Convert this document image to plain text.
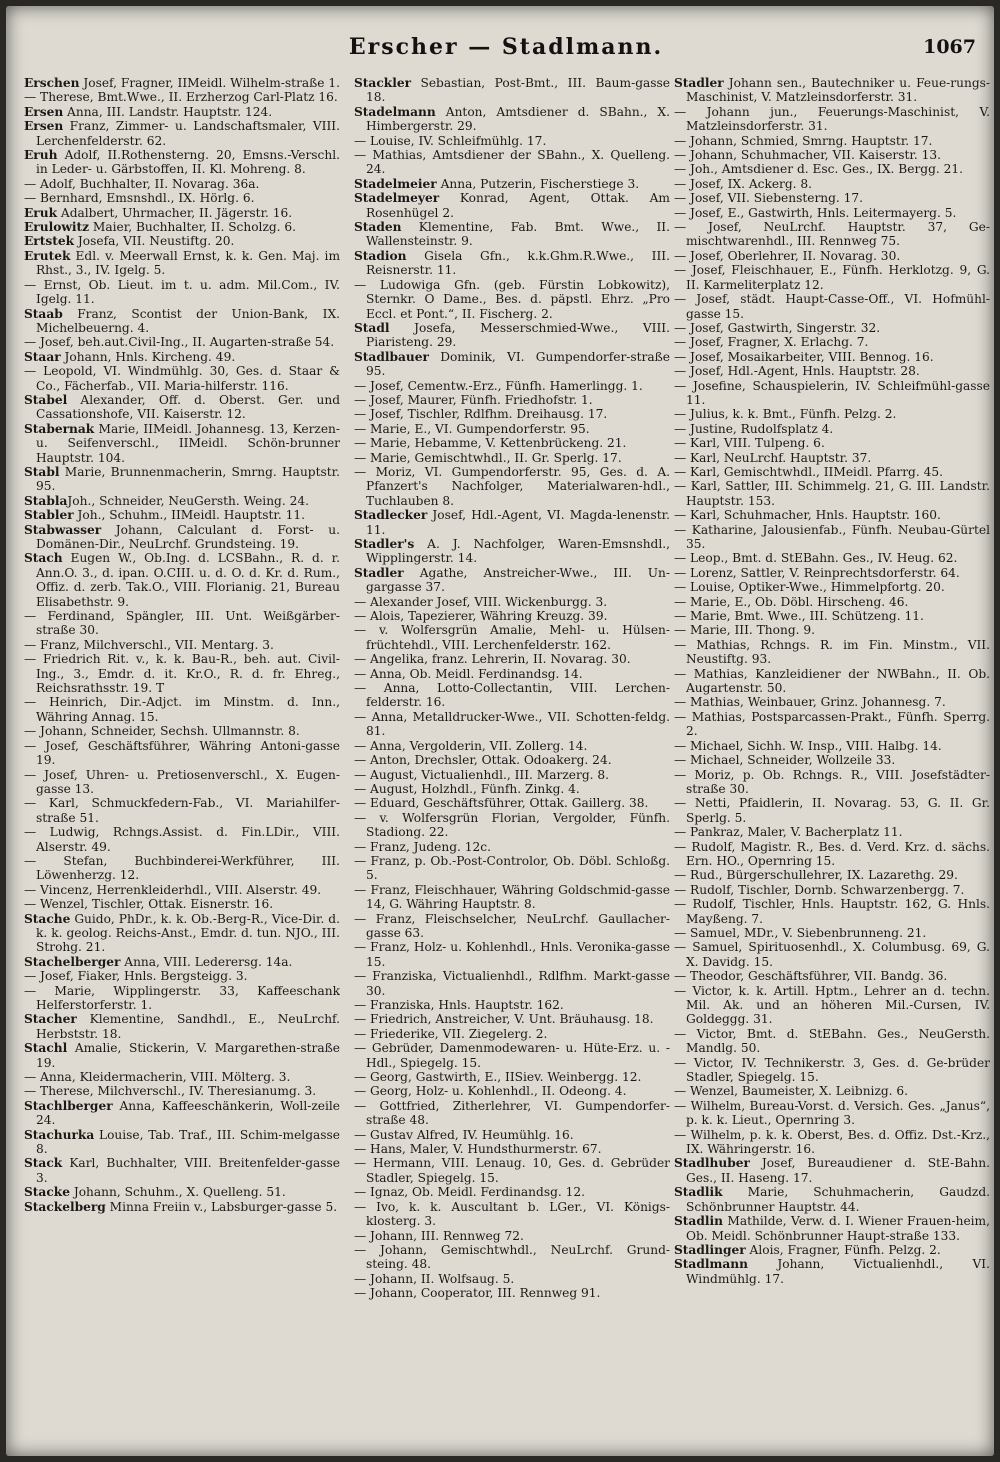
Erscher — Stadlmann.	1067

Erschen Josef, Fragner, IIMeidl. Wilhelm-straße 1.

— Therese, Bmt.Wwe., II. Erzherzog Carl-Platz 16.

Ersen Anna, III. Landstr. Hauptstr. 124.

Ersen Franz, Zimmer- u. Landschaftsmaler, VIII. Lerchenfelderstr. 62.

Eruh Adolf, II.Rothensterng. 20, Emsns.-Verschl. in Leder- u. Gärbstoffen, II. Kl. Mohreng. 8.

— Adolf, Buchhalter, II. Novarag. 36a.

— Bernhard, Emsnshdl., IX. Hörlg. 6.

Eruk Adalbert, Uhrmacher, II. Jägerstr. 16.

Erulowitz Maier, Buchhalter, II. Scholzg. 6.

Ertstek Josefa, VII. Neustiftg. 20.

Erutek Edl. v. Meerwall Ernst, k. k. Gen. Maj. im Rhst., 3., IV. Igelg. 5.

— Ernst, Ob. Lieut. im t. u. adm. Mil.Com., IV. Igelg. 11.

Staab Franz, Scontist der Union-Bank, IX. Michelbeuerng. 4.

— Josef, beh.aut.Civil-Ing., II. Augarten-straße 54.

Staar Johann, Hnls. Kircheng. 49.

— Leopold, VI. Windmühlg. 30, Ges. d. Staar & Co., Fächerfab., VII. Maria-hilferstr. 116.

Stabel Alexander, Off. d. Oberst. Ger. und Cassationshofe, VII. Kaiserstr. 12.

Stabernak Marie, IIMeidl. Johannesg. 13, Kerzen- u. Seifenverschl., IIMeidl. Schön-brunner Hauptstr. 104.

Stabl Marie, Brunnenmacherin, Smrng. Hauptstr. 95.

StablaJoh., Schneider, NeuGersth. Weing. 24.

Stabler Joh., Schuhm., IIMeidl. Hauptstr. 11.

Stabwasser Johann, Calculant d. Forst- u. Domänen-Dir., NeuLrchf. Grundsteing. 19.

Stach Eugen W., Ob.Ing. d. LCSBahn., R. d. r. Ann.O. 3., d. ipan. O.CIII. u. d. O. d. Kr. d. Rum., Offiz. d. zerb. Tak.O., VIII. Florianig. 21, Bureau Elisabethstr. 9.

— Ferdinand, Spängler, III. Unt. Weißgärber-straße 30.

— Franz, Milchverschl., VII. Mentarg. 3.

— Friedrich Rit. v., k. k. Bau-R., beh. aut. Civil-Ing., 3., Emdr. d. it. Kr.O., R. d. fr. Ehreg., Reichsrathsstr. 19. T

— Heinrich, Dir.-Adjct. im Minstm. d. Inn., Währing Annag. 15.

— Johann, Schneider, Sechsh. Ullmannstr. 8.

— Josef, Geschäftsführer, Währing Antoni-gasse 19.

— Josef, Uhren- u. Pretiosenverschl., X. Eugen-gasse 13.

— Karl, Schmuckfedern-Fab., VI. Mariahilfer-straße 51.

— Ludwig, Rchngs.Assist. d. Fin.LDir., VIII. Alserstr. 49.

— Stefan, Buchbinderei-Werkführer, III. Löwenherzg. 12.

— Vincenz, Herrenkleiderhdl., VIII. Alserstr. 49.

— Wenzel, Tischler, Ottak. Eisnerstr. 16.

Stache Guido, PhDr., k. k. Ob.-Berg-R., Vice-Dir. d. k. k. geolog. Reichs-Anst., Emdr. d. tun. NJO., III. Strohg. 21.

Stachelberger Anna, VIII. Lederersg. 14a.

— Josef, Fiaker, Hnls. Bergsteigg. 3.

— Marie, Wipplingerstr. 33, Kaffeeschank Helferstorferstr. 1.

Stacher Klementine, Sandhdl., E., NeuLrchf. Herbststr. 18.

Stachl Amalie, Stickerin, V. Margarethen-straße 19.

— Anna, Kleidermacherin, VIII. Mölterg. 3.

— Therese, Milchverschl., IV. Theresianumg. 3.

Stachlberger Anna, Kaffeeschänkerin, Woll-zeile 24.

Stachurka Louise, Tab. Traf., III. Schim-melgasse 8.

Stack Karl, Buchhalter, VIII. Breitenfelder-gasse 3.

Stacke Johann, Schuhm., X. Quelleng. 51.

Stackelberg Minna Freiin v., Labsburger-gasse 5.

Stackler Sebastian, Post-Bmt., III. Baum-gasse 18.

Stadelmann Anton, Amtsdiener d. SBahn., X. Himbergerstr. 29.

— Louise, IV. Schleifmühlg. 17.

— Mathias, Amtsdiener der SBahn., X. Quelleng. 24.

Stadelmeier Anna, Putzerin, Fischerstiege 3.

Stadelmeyer Konrad, Agent, Ottak. Am Rosenhügel 2.

Staden Klementine, Fab. Bmt. Wwe., II. Wallensteinstr. 9.

Stadion Gisela Gfn., k.k.Ghm.R.Wwe., III. Reisnerstr. 11.

— Ludowiga Gfn. (geb. Fürstin Lobkowitz), Sternkr. O Dame., Bes. d. päpstl. Ehrz. „Pro Eccl. et Pont.“, II. Fischerg. 2.

Stadl Josefa, Messerschmied-Wwe., VIII. Piaristeng. 29.

Stadlbauer Dominik, VI. Gumpendorfer-straße 95.

— Josef, Cementw.-Erz., Fünfh. Hamerlingg. 1.

— Josef, Maurer, Fünfh. Friedhofstr. 1.

— Josef, Tischler, Rdlfhm. Dreihausg. 17.

— Marie, E., VI. Gumpendorferstr. 95.

— Marie, Hebamme, V. Kettenbrückeng. 21.

— Marie, Gemischtwhdl., II. Gr. Sperlg. 17.

— Moriz, VI. Gumpendorferstr. 95, Ges. d. A. Pfanzert's Nachfolger, Materialwaren-hdl., Tuchlauben 8.

Stadlecker Josef, Hdl.-Agent, VI. Magda-lenenstr. 11.

Stadler's A. J. Nachfolger, Waren-Emsnshdl., Wipplingerstr. 14.

Stadler Agathe, Anstreicher-Wwe., III. Un-gargasse 37.

— Alexander Josef, VIII. Wickenburgg. 3.

— Alois, Tapezierer, Währing Kreuzg. 39.

— v. Wolfersgrün Amalie, Mehl- u. Hülsen-früchtehdl., VIII. Lerchenfelderstr. 162.

— Angelika, franz. Lehrerin, II. Novarag. 30.

— Anna, Ob. Meidl. Ferdinandsg. 14.

— Anna, Lotto-Collectantin, VIII. Lerchen-felderstr. 16.

— Anna, Metalldrucker-Wwe., VII. Schotten-feldg. 81.

— Anna, Vergolderin, VII. Zollerg. 14.

— Anton, Drechsler, Ottak. Odoakerg. 24.

— August, Victualienhdl., III. Marzerg. 8.

— August, Holzhdl., Fünfh. Zinkg. 4.

— Eduard, Geschäftsführer, Ottak. Gaillerg. 38.

— v. Wolfersgrün Florian, Vergolder, Fünfh. Stadiong. 22.

— Franz, Judeng. 12c.

— Franz, p. Ob.-Post-Controlor, Ob. Döbl. Schloßg. 5.

— Franz, Fleischhauer, Währing Goldschmid-gasse 14, G. Währing Hauptstr. 8.

— Franz, Fleischselcher, NeuLrchf. Gaullacher-gasse 63.

— Franz, Holz- u. Kohlenhdl., Hnls. Veronika-gasse 15.

— Franziska, Victualienhdl., Rdlfhm. Markt-gasse 30.

— Franziska, Hnls. Hauptstr. 162.

— Friedrich, Anstreicher, V. Unt. Bräuhausg. 18.

— Friederike, VII. Ziegelerg. 2.

— Gebrüder, Damenmodewaren- u. Hüte-Erz. u. -Hdl., Spiegelg. 15.

— Georg, Gastwirth, E., IISiev. Weinbergg. 12.

— Georg, Holz- u. Kohlenhdl., II. Odeong. 4.

— Gottfried, Zitherlehrer, VI. Gumpendorfer-straße 48.

— Gustav Alfred, IV. Heumühlg. 16.

— Hans, Maler, V. Hundsthurmerstr. 67.

— Hermann, VIII. Lenaug. 10, Ges. d. Gebrüder Stadler, Spiegelg. 15.

— Ignaz, Ob. Meidl. Ferdinandsg. 12.

— Ivo, k. k. Auscultant b. LGer., VI. Königs-klosterg. 3.

— Johann, III. Rennweg 72.

— Johann, Gemischtwhdl., NeuLrchf. Grund-steing. 48.

— Johann, II. Wolfsaug. 5.

— Johann, Cooperator, III. Rennweg 91.

Stadler Johann sen., Bautechniker u. Feue-rungs-Maschinist, V. Matzleinsdorferstr. 31.

— Johann jun., Feuerungs-Maschinist, V. Matzleinsdorferstr. 31.

— Johann, Schmied, Smrng. Hauptstr. 17.

— Johann, Schuhmacher, VII. Kaiserstr. 13.

— Joh., Amtsdiener d. Esc. Ges., IX. Bergg. 21.

— Josef, IX. Ackerg. 8.

— Josef, VII. Siebensterng. 17.

— Josef, E., Gastwirth, Hnls. Leitermayerg. 5.

— Josef, NeuLrchf. Hauptstr. 37, Ge-mischtwarenhdl., III. Rennweg 75.

— Josef, Oberlehrer, II. Novarag. 30.

— Josef, Fleischhauer, E., Fünfh. Herklotzg. 9, G. II. Karmeliterplatz 12.

— Josef, städt. Haupt-Casse-Off., VI. Hofmühl-gasse 15.

— Josef, Gastwirth, Singerstr. 32.

— Josef, Fragner, X. Erlachg. 7.

— Josef, Mosaikarbeiter, VIII. Bennog. 16.

— Josef, Hdl.-Agent, Hnls. Hauptstr. 28.

— Josefine, Schauspielerin, IV. Schleifmühl-gasse 11.

— Julius, k. k. Bmt., Fünfh. Pelzg. 2.

— Justine, Rudolfsplatz 4.

— Karl, VIII. Tulpeng. 6.

— Karl, NeuLrchf. Hauptstr. 37.

— Karl, Gemischtwhdl., IIMeidl. Pfarrg. 45.

— Karl, Sattler, III. Schimmelg. 21, G. III. Landstr. Hauptstr. 153.

— Karl, Schuhmacher, Hnls. Hauptstr. 160.

— Katharine, Jalousienfab., Fünfh. Neubau-Gürtel 35.

— Leop., Bmt. d. StEBahn. Ges., IV. Heug. 62.

— Lorenz, Sattler, V. Reinprechtsdorferstr. 64.

— Louise, Optiker-Wwe., Himmelpfortg. 20.

— Marie, E., Ob. Döbl. Hirscheng. 46.

— Marie, Bmt. Wwe., III. Schützeng. 11.

— Marie, III. Thong. 9.

— Mathias, Rchngs. R. im Fin. Minstm., VII. Neustiftg. 93.

— Mathias, Kanzleidiener der NWBahn., II. Ob. Augartenstr. 50.

— Mathias, Weinbauer, Grinz. Johannesg. 7.

— Mathias, Postsparcassen-Prakt., Fünfh. Sperrg. 2.

— Michael, Sichh. W. Insp., VIII. Halbg. 14.

— Michael, Schneider, Wollzeile 33.

— Moriz, p. Ob. Rchngs. R., VIII. Josefstädter-straße 30.

— Netti, Pfaidlerin, II. Novarag. 53, G. II. Gr. Sperlg. 5.

— Pankraz, Maler, V. Bacherplatz 11.

— Rudolf, Magistr. R., Bes. d. Verd. Krz. d. sächs. Ern. HO., Opernring 15.

— Rud., Bürgerschullehrer, IX. Lazarethg. 29.

— Rudolf, Tischler, Dornb. Schwarzenbergg. 7.

— Rudolf, Tischler, Hnls. Hauptstr. 162, G. Hnls. Mayßeng. 7.

— Samuel, MDr., V. Siebenbrunneng. 21.

— Samuel, Spirituosenhdl., X. Columbusg. 69, G. X. Davidg. 15.

— Theodor, Geschäftsführer, VII. Bandg. 36.

— Victor, k. k. Artill. Hptm., Lehrer an d. techn. Mil. Ak. und an höheren Mil.-Cursen, IV. Goldeggg. 31.

— Victor, Bmt. d. StEBahn. Ges., NeuGersth. Mandlg. 50.

— Victor, IV. Technikerstr. 3, Ges. d. Ge-brüder Stadler, Spiegelg. 15.

— Wenzel, Baumeister, X. Leibnizg. 6.

— Wilhelm, Bureau-Vorst. d. Versich. Ges. „Janus“, p. k. k. Lieut., Opernring 3.

— Wilhelm, p. k. k. Oberst, Bes. d. Offiz. Dst.-Krz., IX. Währingerstr. 16.

Stadlhuber Josef, Bureaudiener d. StE-Bahn. Ges., II. Haseng. 17.

Stadlik Marie, Schuhmacherin, Gaudzd. Schönbrunner Hauptstr. 44.

Stadlin Mathilde, Verw. d. I. Wiener Frauen-heim, Ob. Meidl. Schönbrunner Haupt-straße 133.

Stadlinger Alois, Fragner, Fünfh. Pelzg. 2.

Stadlmann Johann, Victualienhdl., VI. Windmühlg. 17.
